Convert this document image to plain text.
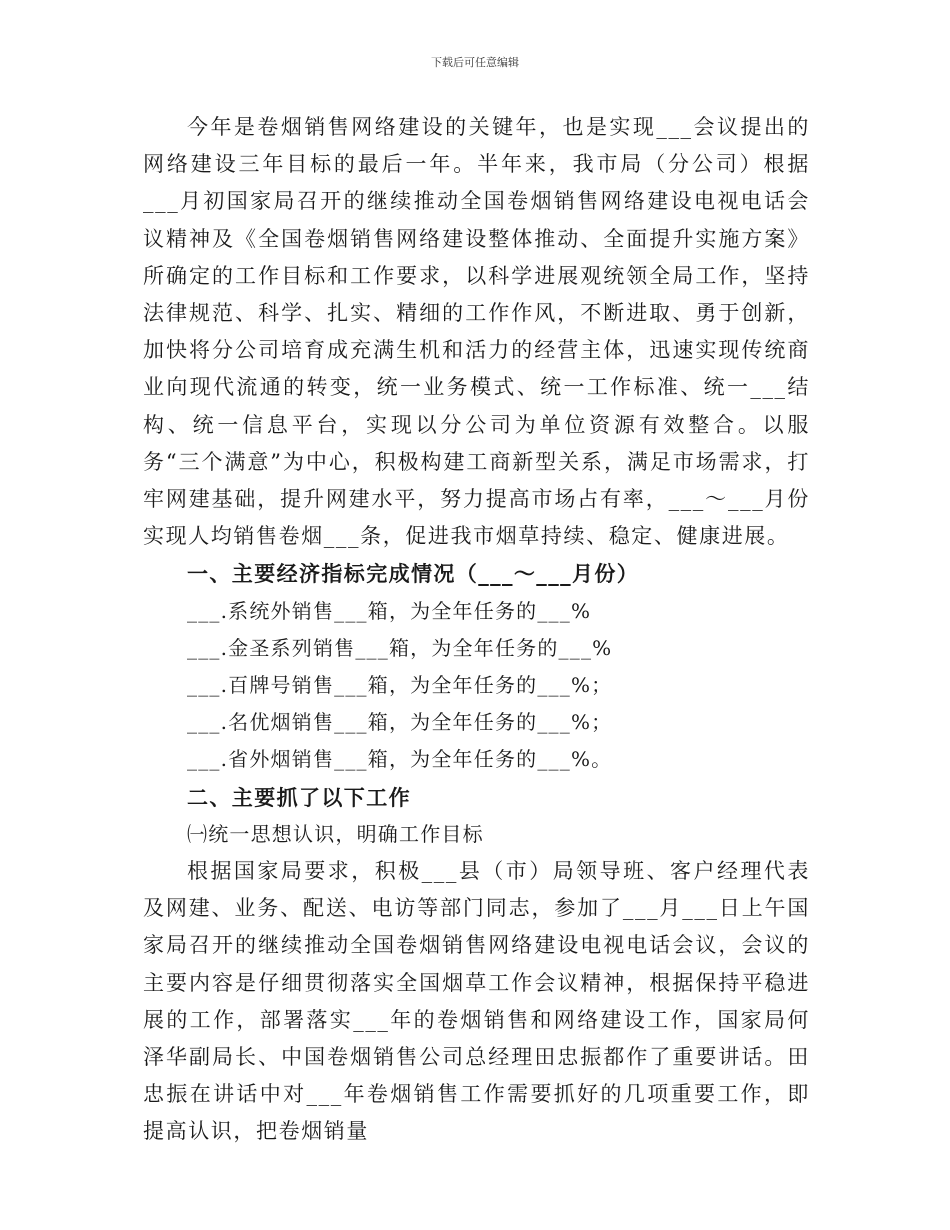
下载后可任意编辑

今年是卷烟销售网络建设的关键年，也是实现___会议提出的网络建设三年目标的最后一年。半年来，我市局（分公司）根据___月初国家局召开的继续推动全国卷烟销售网络建设电视电话会议精神及《全国卷烟销售网络建设整体推动、全面提升实施方案》所确定的工作目标和工作要求，以科学进展观统领全局工作，坚持法律规范、科学、扎实、精细的工作作风，不断进取、勇于创新，加快将分公司培育成充满生机和活力的经营主体，迅速实现传统商业向现代流通的转变，统一业务模式、统一工作标准、统一___结构、统一信息平台，实现以分公司为单位资源有效整合。以服务“三个满意”为中心，积极构建工商新型关系，满足市场需求，打牢网建基础，提升网建水平，努力提高市场占有率，___～___月份实现人均销售卷烟___条，促进我市烟草持续、稳定、健康进展。

一、主要经济指标完成情况（___～___月份）

___.系统外销售___箱，为全年任务的___%

___.金圣系列销售___箱，为全年任务的___%

___.百牌号销售___箱，为全年任务的___%；

___.名优烟销售___箱，为全年任务的___%；

___.省外烟销售___箱，为全年任务的___%。

二、主要抓了以下工作

㈠统一思想认识，明确工作目标

根据国家局要求，积极___县（市）局领导班、客户经理代表及网建、业务、配送、电访等部门同志，参加了___月___日上午国家局召开的继续推动全国卷烟销售网络建设电视电话会议，会议的主要内容是仔细贯彻落实全国烟草工作会议精神，根据保持平稳进展的工作，部署落实___年的卷烟销售和网络建设工作，国家局何泽华副局长、中国卷烟销售公司总经理田忠振都作了重要讲话。田忠振在讲话中对___年卷烟销售工作需要抓好的几项重要工作，即提高认识，把卷烟销量
